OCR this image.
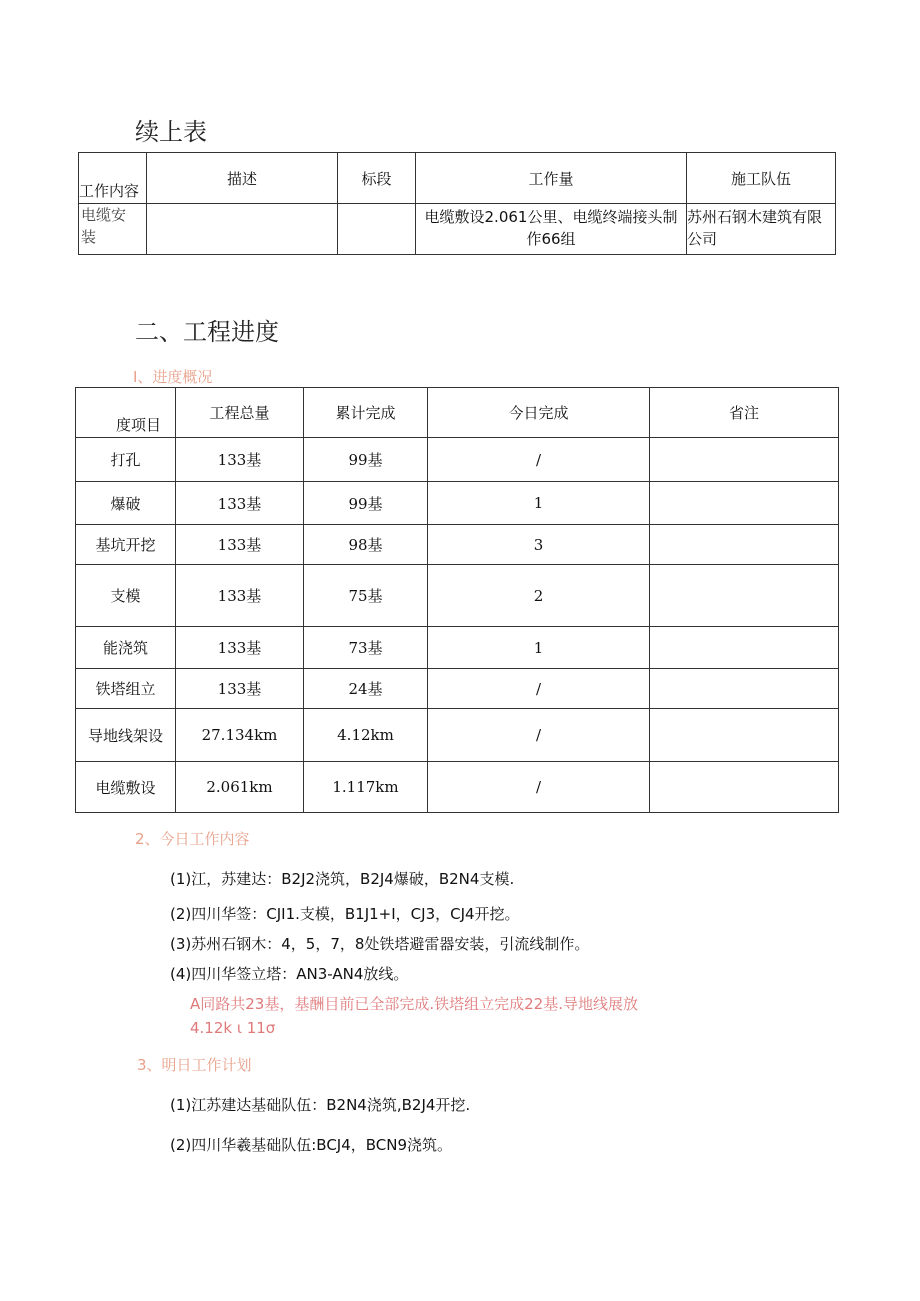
续上表
工作内容	描述	标段	工作量	施工队伍
电缆安装			电缆敷设2.061公里、电缆终端接头制作66组	苏州石钢木建筑有限公司
二、工程进度
I、进度概况
度项目	工程总量	累计完成	今日完成	省注
打孔	133基	99基	/	
爆破	133基	99基	1	
基坑开挖	133基	98基	3	
支模	133基	75基	2	
能浇筑	133基	73基	1	
铁塔组立	133基	24基	/	
导地线架设	27.134km	4.12km	/	
电缆敷设	2.061km	1.117km	/	
2、今日工作内容
(1)江，苏建达：B2J2浇筑，B2J4爆破，B2N4支模.
(2)四川华签：CJI1.支模，B1J1+I，CJ3，CJ4开挖。
(3)苏州石钢木：4，5，7，8处铁塔避雷器安装，引流线制作。
(4)四川华签立塔：AN3-AN4放线。
A同路共23基，基酬目前已全部完成.铁塔组立完成22基.导地线展放
4.12k ι 11σ
3、明日工作计划
(1)江苏建达基础队伍：B2N4浇筑,B2J4开挖.
(2)四川华羲基础队伍:BCJ4，BCN9浇筑。
